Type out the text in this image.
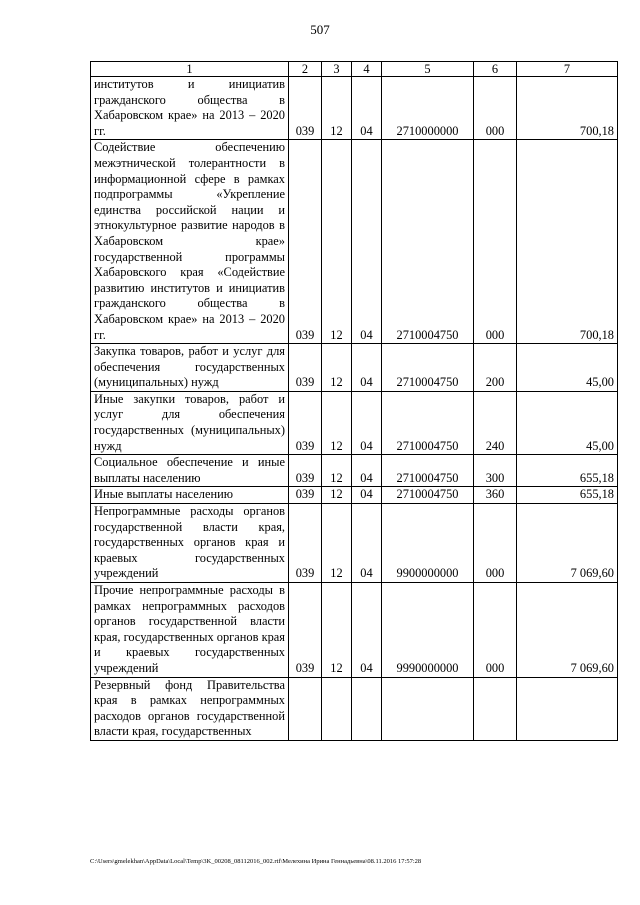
507
1	2	3	4	5	6	7
институтов и инициатив гражданского общества в Хабаровском крае» на 2013 – 2020 гг.	039	12	04	2710000000	000	700,18
Содействие обеспечению межэтнической толерантности в информационной сфере в рамках подпрограммы «Укрепление единства российской нации и этнокультурное развитие народов в Хабаровском крае» государственной программы Хабаровского края «Содействие развитию институтов и инициатив гражданского общества в Хабаровском крае» на 2013 – 2020 гг.	039	12	04	2710004750	000	700,18
Закупка товаров, работ и услуг для обеспечения государственных (муниципальных) нужд	039	12	04	2710004750	200	45,00
Иные закупки товаров, работ и услуг для обеспечения государственных (муниципальных) нужд	039	12	04	2710004750	240	45,00
Социальное обеспечение и иные выплаты населению	039	12	04	2710004750	300	655,18
Иные выплаты населению	039	12	04	2710004750	360	655,18
Непрограммные расходы органов государственной власти края, государственных органов края и краевых государственных учреждений	039	12	04	9900000000	000	7 069,60
Прочие непрограммные расходы в рамках непрограммных расходов органов государственной власти края, государственных органов края и краевых государственных учреждений	039	12	04	9990000000	000	7 069,60
Резервный фонд Правительства края в рамках непрограммных расходов органов государственной власти края, государственных						
C:\Users\gmelekhan\AppData\Local\Temp\3K_00208_08112016_002.rtf\Мелехина Ирина Геннадьевна\08.11.2016 17:57:28
